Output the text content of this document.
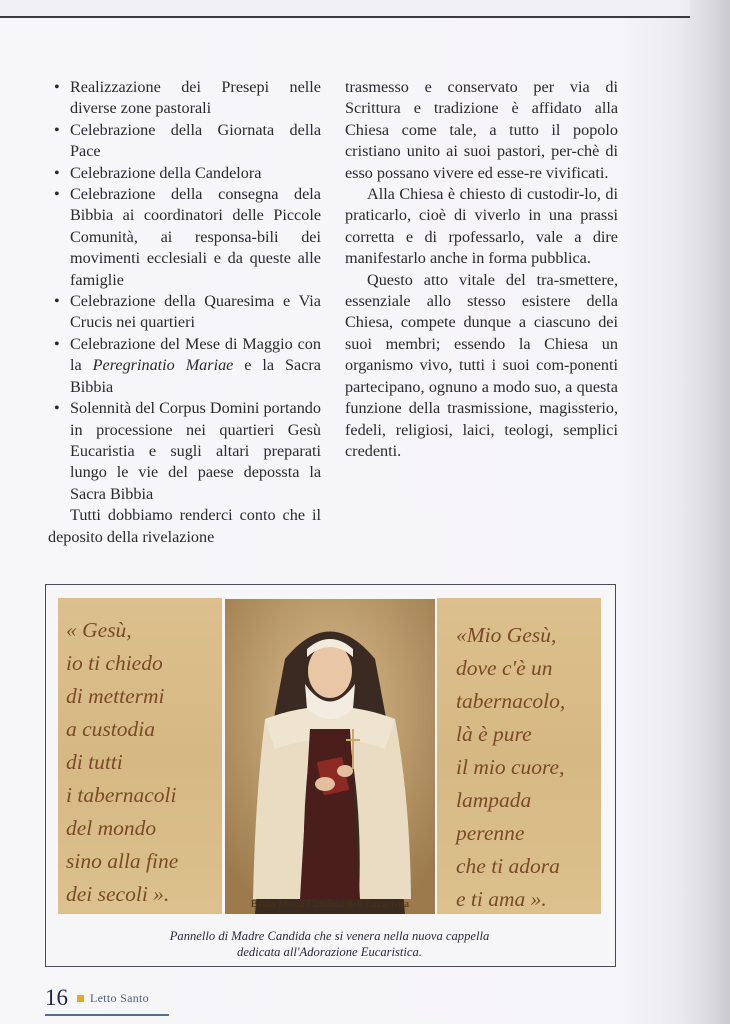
• Realizzazione dei Presepi nelle diverse zone pastorali
• Celebrazione della Giornata della Pace
• Celebrazione della Candelora
• Celebrazione della consegna dela Bibbia ai coordinatori delle Piccole Comunità, ai responsa-bili dei movimenti ecclesiali e da queste alle famiglie
• Celebrazione della Quaresima e Via Crucis nei quartieri
• Celebrazione del Mese di Maggio con la Peregrinatio Mariae e la Sacra Bibbia
• Solennità del Corpus Domini portando in processione nei quartieri Gesù Eucaristia e sugli altari preparati lungo le vie del paese depossta la Sacra Bibbia

Tutti dobbiamo renderci conto che il deposito della rivelazione

trasmesso e conservato per via di Scrittura e tradizione è affidato alla Chiesa come tale, a tutto il popolo cristiano unito ai suoi pastori, per-chè di esso possano vivere ed esse-re vivificati.

Alla Chiesa è chiesto di custodir-lo, di praticarlo, cioè di viverlo in una prassi corretta e di rpofessarlo, vale a dire manifestarlo anche in forma pubblica.

Questo atto vitale del tra-smettere, essenziale allo stesso esistere della Chiesa, compete dunque a ciascuno dei suoi membri; essendo la Chiesa un organismo vivo, tutti i suoi com-ponenti partecipano, ognuno a modo suo, a questa funzione della trasmissione, magissterio, fedeli, religiosi, laici, teologi, semplici credenti.

« Gesù,
io ti chiedo
di mettermi
a custodia
di tutti
i tabernacoli
del mondo
sino alla fine
dei secoli ».
«Mio Gesù,
dove c'è un
tabernacolo,
là è pure
il mio cuore,
lampada
perenne
che ti adora
e ti ama ».
Beata Maria Candida dell'Eucaristia
Pannello di Madre Candida che si venera nella nuova cappella
dedicata all'Adorazione Eucaristica.
16 Letto Santo
